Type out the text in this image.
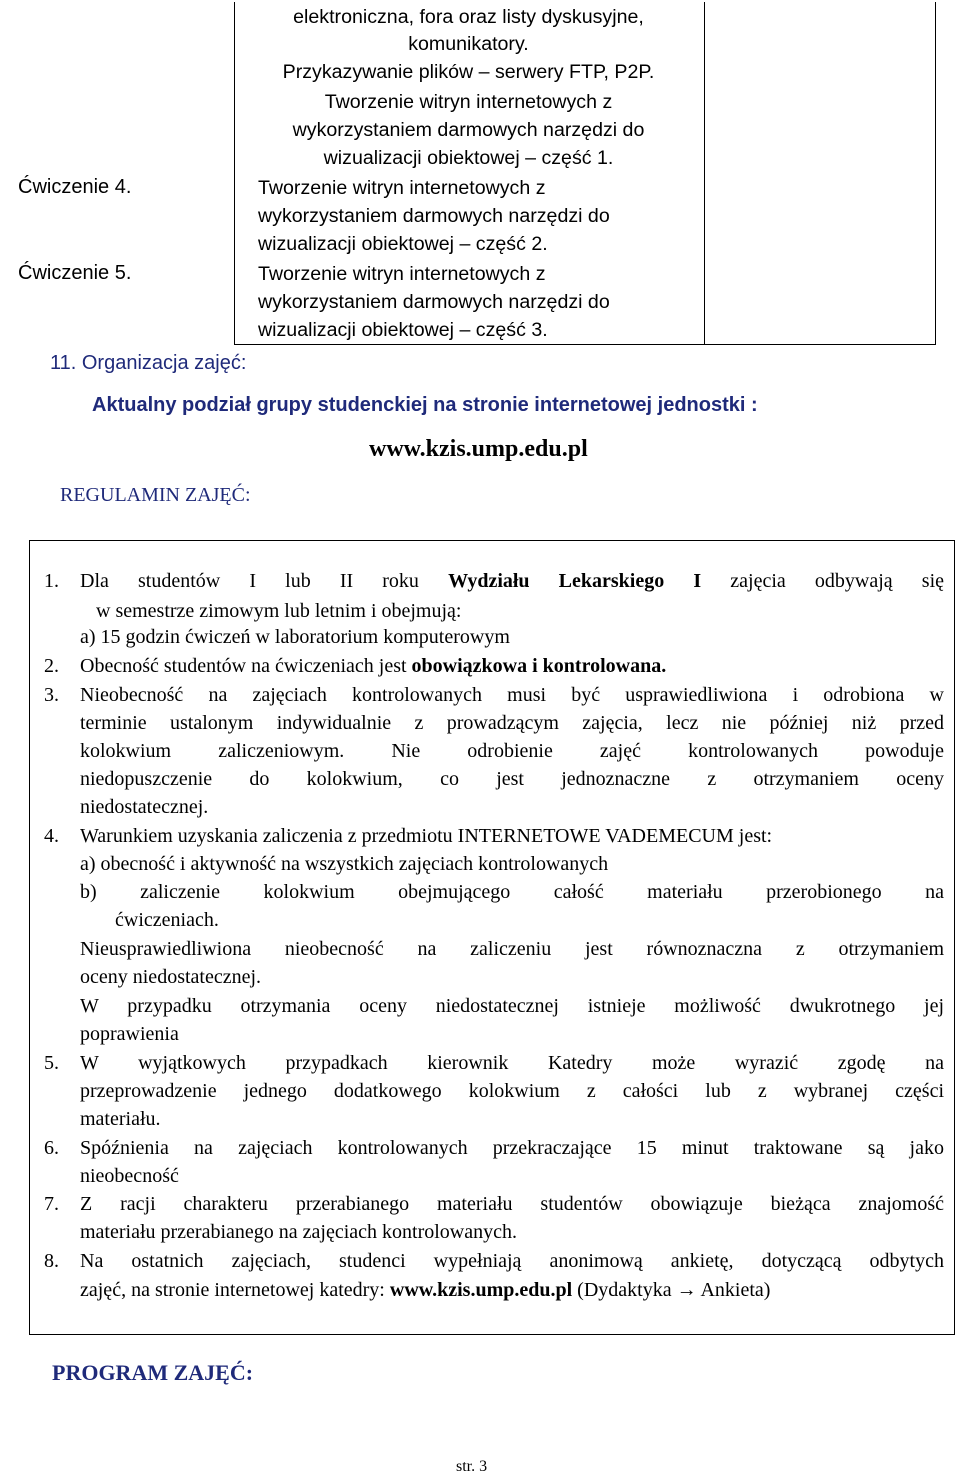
elektroniczna, fora oraz listy dyskusyjne,
komunikatory.
Przykazywanie plików – serwery FTP, P2P.
Tworzenie witryn internetowych z
wykorzystaniem darmowych narzędzi do
wizualizacji obiektowej – część 1.
Ćwiczenie 4.	Tworzenie witryn internetowych z
wykorzystaniem darmowych narzędzi do
wizualizacji obiektowej – część 2.
Ćwiczenie 5.	Tworzenie witryn internetowych z
wykorzystaniem darmowych narzędzi do
wizualizacji obiektowej – część 3.
11. Organizacja zajęć:
Aktualny podział grupy studenckiej na stronie internetowej jednostki :
www.kzis.ump.edu.pl
REGULAMIN ZAJĘĆ:
1. Dla studentów I lub II roku Wydziału Lekarskiego I zajęcia odbywają się
w semestrze zimowym lub letnim i obejmują:
a) 15 godzin ćwiczeń w laboratorium komputerowym
2. Obecność studentów na ćwiczeniach jest obowiązkowa i kontrolowana.
3. Nieobecność na zajęciach kontrolowanych musi być usprawiedliwiona i odrobiona w
terminie ustalonym indywidualnie z prowadzącym zajęcia, lecz nie później niż przed
kolokwium zaliczeniowym. Nie odrobienie zajęć kontrolowanych powoduje
niedopuszczenie do kolokwium, co jest jednoznaczne z otrzymaniem oceny
niedostatecznej.
4. Warunkiem uzyskania zaliczenia z przedmiotu INTERNETOWE VADEMECUM jest:
a) obecność i aktywność na wszystkich zajęciach kontrolowanych
b) zaliczenie kolokwium obejmującego całość materiału przerobionego na
ćwiczeniach.
Nieusprawiedliwiona nieobecność na zaliczeniu jest równoznaczna z otrzymaniem
oceny niedostatecznej.
W przypadku otrzymania oceny niedostatecznej istnieje możliwość dwukrotnego jej
poprawienia
5. W wyjątkowych przypadkach kierownik Katedry może wyrazić zgodę na
przeprowadzenie jednego dodatkowego kolokwium z całości lub z wybranej części
materiału.
6. Spóźnienia na zajęciach kontrolowanych przekraczające 15 minut traktowane są jako
nieobecność
7. Z racji charakteru przerabianego materiału studentów obowiązuje bieżąca znajomość
materiału przerabianego na zajęciach kontrolowanych.
8. Na ostatnich zajęciach, studenci wypełniają anonimową ankietę, dotyczącą odbytych
zajęć, na stronie internetowej katedry: www.kzis.ump.edu.pl (Dydaktyka → Ankieta)
PROGRAM ZAJĘĆ:
str. 3
